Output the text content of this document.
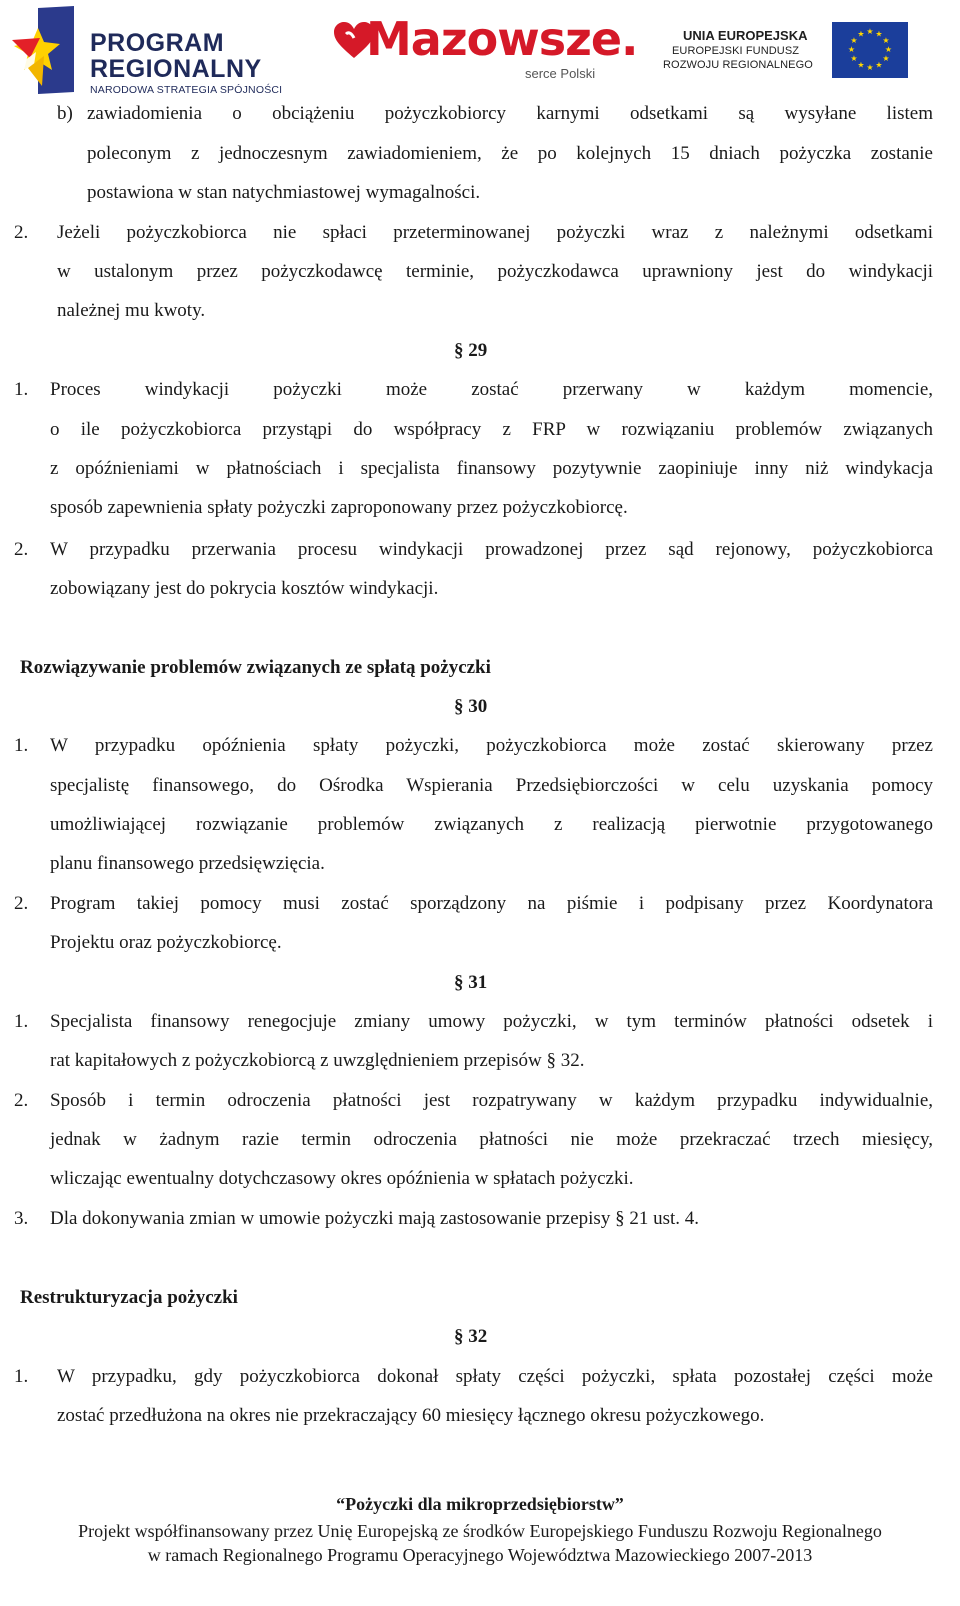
PROGRAM
REGIONALNY
NARODOWA STRATEGIA SPÓJNOŚCI
Mazowsze.
serce Polski
UNIA EUROPEJSKA
EUROPEJSKI FUNDUSZ
ROZWOJU REGIONALNEGO
★ ★
★
★
★
★
★
★
★
★
★
★
b) zawiadomienia o obciążeniu pożyczkobiorcy karnymi odsetkami są wysyłane listem
poleconym z jednoczesnym zawiadomieniem, że po kolejnych 15 dniach pożyczka zostanie
postawiona w stan natychmiastowej wymagalności.
2. Jeżeli pożyczkobiorca nie spłaci przeterminowanej pożyczki wraz z należnymi odsetkami
w ustalonym przez pożyczkodawcę terminie, pożyczkodawca uprawniony jest do windykacji
należnej mu kwoty.
§ 29
1. Proces windykacji pożyczki może zostać przerwany w każdym momencie,
o ile pożyczkobiorca przystąpi do współpracy z FRP w rozwiązaniu problemów związanych
z opóźnieniami w płatnościach i specjalista finansowy pozytywnie zaopiniuje inny niż windykacja
sposób zapewnienia spłaty pożyczki zaproponowany przez pożyczkobiorcę.
2. W przypadku przerwania procesu windykacji prowadzonej przez sąd rejonowy, pożyczkobiorca
zobowiązany jest do pokrycia kosztów windykacji.
Rozwiązywanie problemów związanych ze spłatą pożyczki
§ 30
1. W przypadku opóźnienia spłaty pożyczki, pożyczkobiorca może zostać skierowany przez
specjalistę finansowego, do Ośrodka Wspierania Przedsiębiorczości w celu uzyskania pomocy
umożliwiającej rozwiązanie problemów związanych z realizacją pierwotnie przygotowanego
planu finansowego przedsięwzięcia.
2. Program takiej pomocy musi zostać sporządzony na piśmie i podpisany przez Koordynatora
Projektu oraz pożyczkobiorcę.
§ 31
1. Specjalista finansowy renegocjuje zmiany umowy pożyczki, w tym terminów płatności odsetek i
rat kapitałowych z pożyczkobiorcą z uwzględnieniem przepisów § 32.
2. Sposób i termin odroczenia płatności jest rozpatrywany w każdym przypadku indywidualnie,
jednak w żadnym razie termin odroczenia płatności nie może przekraczać trzech miesięcy,
wliczając ewentualny dotychczasowy okres opóźnienia w spłatach pożyczki.
3. Dla dokonywania zmian w umowie pożyczki mają zastosowanie przepisy § 21 ust. 4.
Restrukturyzacja pożyczki
§ 32
1. W przypadku, gdy pożyczkobiorca dokonał spłaty części pożyczki, spłata pozostałej części może
zostać przedłużona na okres nie przekraczający 60 miesięcy łącznego okresu pożyczkowego.
“Pożyczki dla mikroprzedsiębiorstw”
Projekt współfinansowany przez Unię Europejską ze środków Europejskiego Funduszu Rozwoju Regionalnego
w ramach Regionalnego Programu Operacyjnego Województwa Mazowieckiego 2007-2013
